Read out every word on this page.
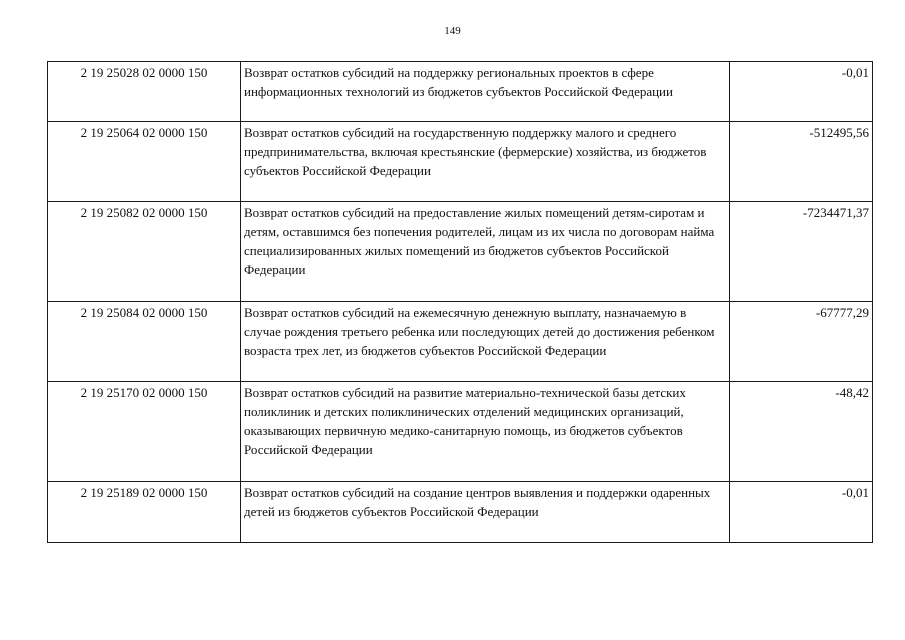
149
2 19 25028 02 0000 150	Возврат остатков субсидий на поддержку региональных проектов в сфере информационных технологий из бюджетов субъектов Российской Федерации	-0,01
2 19 25064 02 0000 150	Возврат остатков субсидий на государственную поддержку малого и среднего предпринимательства, включая крестьянские (фермерские) хозяйства, из бюджетов субъектов Российской Федерации	-512495,56
2 19 25082 02 0000 150	Возврат остатков субсидий на предоставление жилых помещений детям-сиротам и детям, оставшимся без попечения родителей, лицам из их числа по договорам найма специализированных жилых помещений из бюджетов субъектов Российской Федерации	-7234471,37
2 19 25084 02 0000 150	Возврат остатков субсидий на ежемесячную денежную выплату, назначаемую в случае рождения третьего ребенка или последующих детей до достижения ребенком возраста трех лет, из бюджетов субъектов Российской Федерации	-67777,29
2 19 25170 02 0000 150	Возврат остатков субсидий на развитие материально-технической базы детских поликлиник и детских поликлинических отделений медицинских организаций, оказывающих первичную медико-санитарную помощь, из бюджетов субъектов Российской Федерации	-48,42
2 19 25189 02 0000 150	Возврат остатков субсидий на создание центров выявления и поддержки одаренных детей из бюджетов субъектов Российской Федерации	-0,01
